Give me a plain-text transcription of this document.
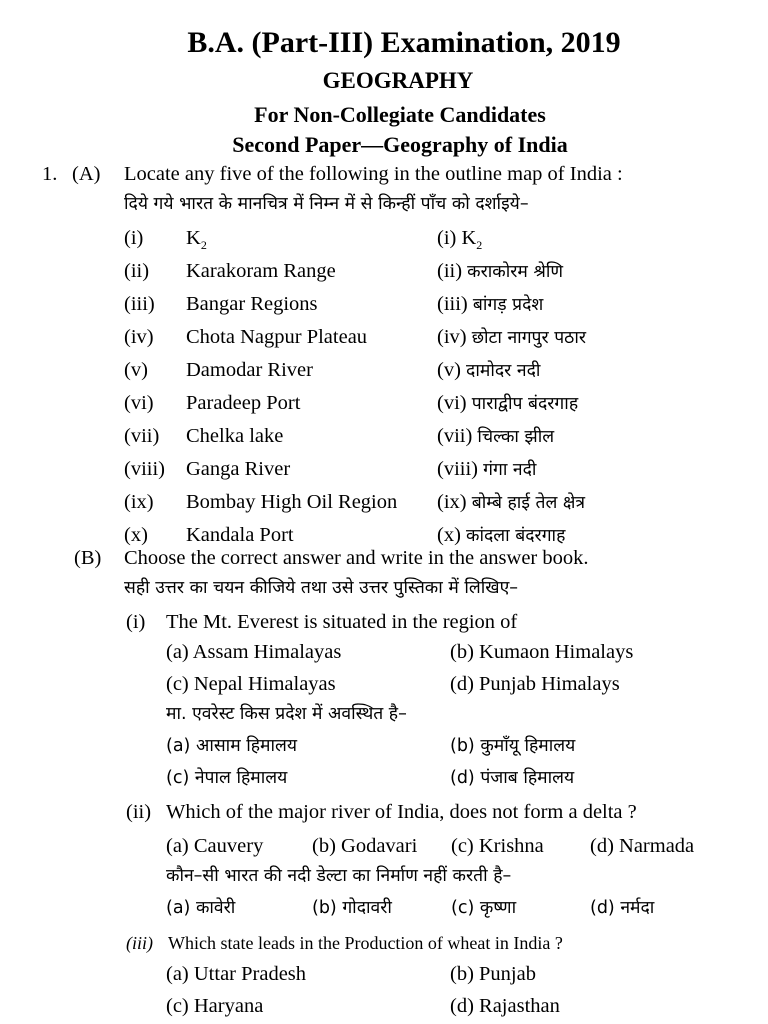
B.A. (Part-III) Examination, 2019
GEOGRAPHY
For Non-Collegiate Candidates
Second Paper—Geography of India
1. (A) Locate any five of the following in the outline map of India :
दिये गये भारत के मानचित्र में निम्न में से किन्हीं पाँच को दर्शाइये–
(i) $K_2$	(i) $K_2$
(ii) Karakoram Range	(ii) कराकोरम श्रेणि
(iii) Bangar Regions	(iii) बांगड़ प्रदेश
(iv) Chota Nagpur Plateau	(iv) छोटा नागपुर पठार
(v) Damodar River	(v) दामोदर नदी
(vi) Paradeep Port	(vi) पाराद्वीप बंदरगाह
(vii) Chelka lake	(vii) चिल्का झील
(viii) Ganga River	(viii) गंगा नदी
(ix) Bombay High Oil Region (ix) बोम्बे हाई तेल क्षेत्र
(x) Kandala Port	(x) कांदला बंदरगाह
(B) Choose the correct answer and write in the answer book.
सही उत्तर का चयन कीजिये तथा उसे उत्तर पुस्तिका में लिखिए–
(i) The Mt. Everest is situated in the region of
(a) Assam Himalayas	(b) Kumaon Himalays
(c) Nepal Himalayas	(d) Punjab Himalays
मा. एवरेस्ट किस प्रदेश में अवस्थित है–
(a) आसाम हिमालय	(b) कुमाँयू हिमालय
(c) नेपाल हिमालय	(d) पंजाब हिमालय
(ii) Which of the major river of India, does not form a delta ?
(a) Cauvery (b) Godavari (c) Krishna (d) Narmada
कौन–सी भारत की नदी डेल्टा का निर्माण नहीं करती है–
(a) कावेरी	(b) गोदावरी	(c) कृष्णा	(d) नर्मदा
(iii) Which state leads in the Production of wheat in India ?
(a) Uttar Pradesh	(b) Punjab
(c) Haryana	(d) Rajasthan
